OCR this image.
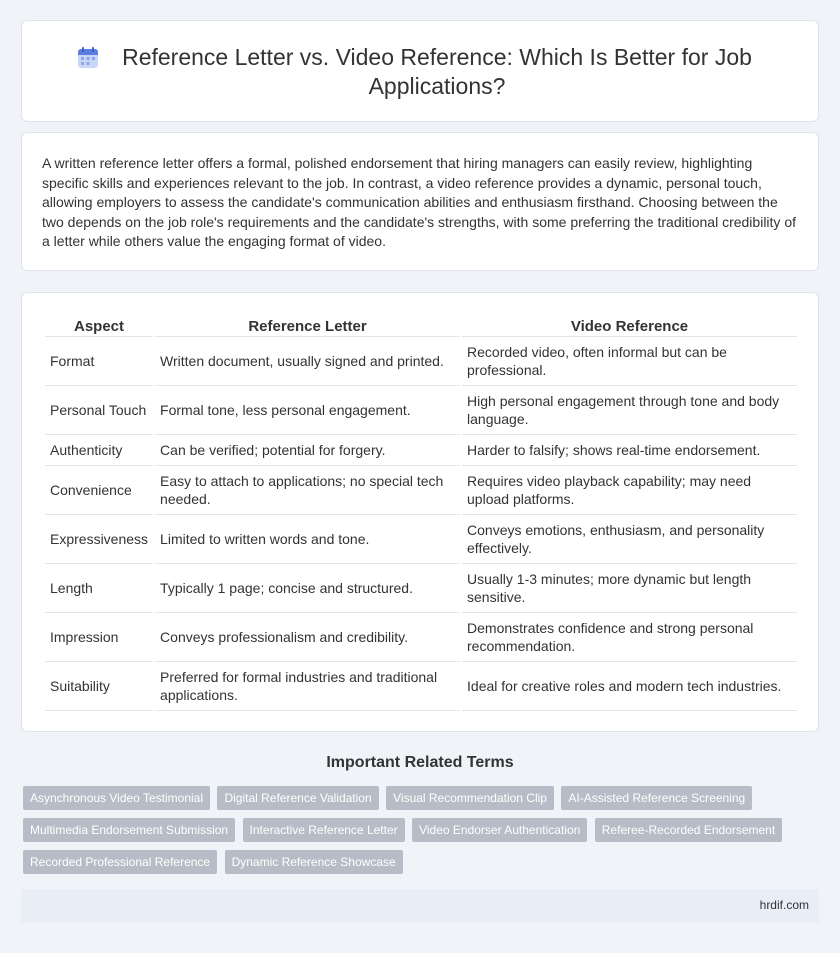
Reference Letter vs. Video Reference: Which Is Better for Job Applications?

A written reference letter offers a formal, polished endorsement that hiring managers can easily review, highlighting specific skills and experiences relevant to the job. In contrast, a video reference provides a dynamic, personal touch, allowing employers to assess the candidate's communication abilities and enthusiasm firsthand. Choosing between the two depends on the job role's requirements and the candidate's strengths, with some preferring the traditional credibility of a letter while others value the engaging format of video.

Aspect	Reference Letter	Video Reference
Format	Written document, usually signed and printed.	Recorded video, often informal but can be professional.
Personal Touch	Formal tone, less personal engagement.	High personal engagement through tone and body language.
Authenticity	Can be verified; potential for forgery.	Harder to falsify; shows real-time endorsement.
Convenience	Easy to attach to applications; no special tech needed.	Requires video playback capability; may need upload platforms.
Expressiveness	Limited to written words and tone.	Conveys emotions, enthusiasm, and personality effectively.
Length	Typically 1 page; concise and structured.	Usually 1-3 minutes; more dynamic but length sensitive.
Impression	Conveys professionalism and credibility.	Demonstrates confidence and strong personal recommendation.
Suitability	Preferred for formal industries and traditional applications.	Ideal for creative roles and modern tech industries.
Important Related Terms
Asynchronous Video Testimonial Digital Reference Validation Visual Recommendation Clip AI-Assisted Reference Screening Multimedia Endorsement Submission Interactive Reference Letter Video Endorser Authentication Referee-Recorded Endorsement Recorded Professional Reference Dynamic Reference Showcase
hrdif.com
